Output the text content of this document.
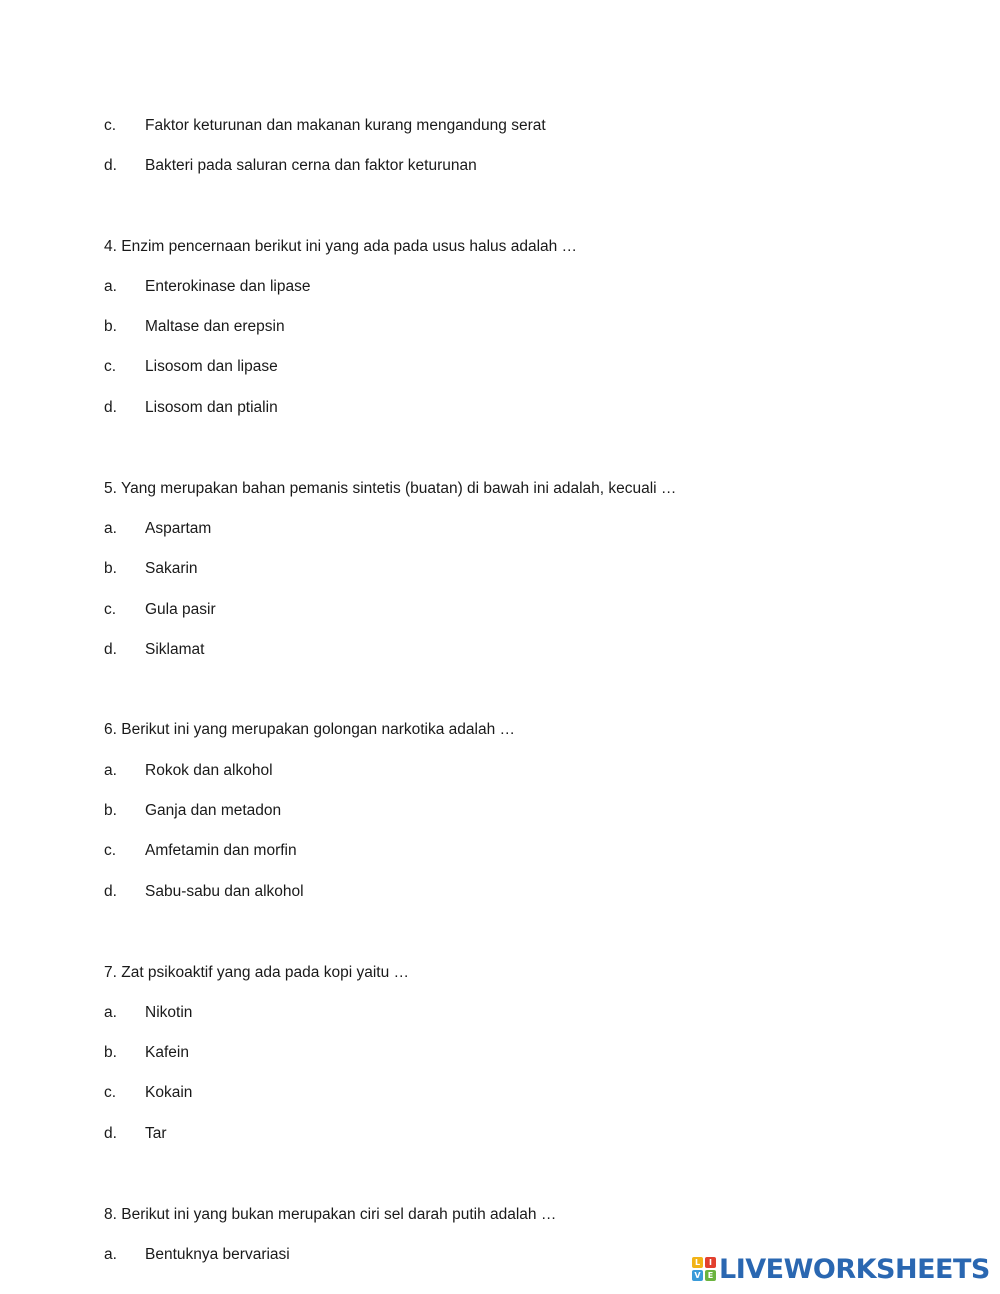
c. Faktor keturunan dan makanan kurang mengandung serat
d. Bakteri pada saluran cerna dan faktor keturunan
4. Enzim pencernaan berikut ini yang ada pada usus halus adalah …
a. Enterokinase dan lipase
b. Maltase dan erepsin
c. Lisosom dan lipase
d. Lisosom dan ptialin
5. Yang merupakan bahan pemanis sintetis (buatan) di bawah ini adalah, kecuali …
a. Aspartam
b. Sakarin
c. Gula pasir
d. Siklamat
6. Berikut ini yang merupakan golongan narkotika adalah …
a. Rokok dan alkohol
b. Ganja dan metadon
c. Amfetamin dan morfin
d. Sabu-sabu dan alkohol
7. Zat psikoaktif yang ada pada kopi yaitu …
a. Nikotin
b. Kafein
c. Kokain
d. Tar
8. Berikut ini yang bukan merupakan ciri sel darah putih adalah …
a. Bentuknya bervariasi	L	I
V E LIVEWORKSHEETS
